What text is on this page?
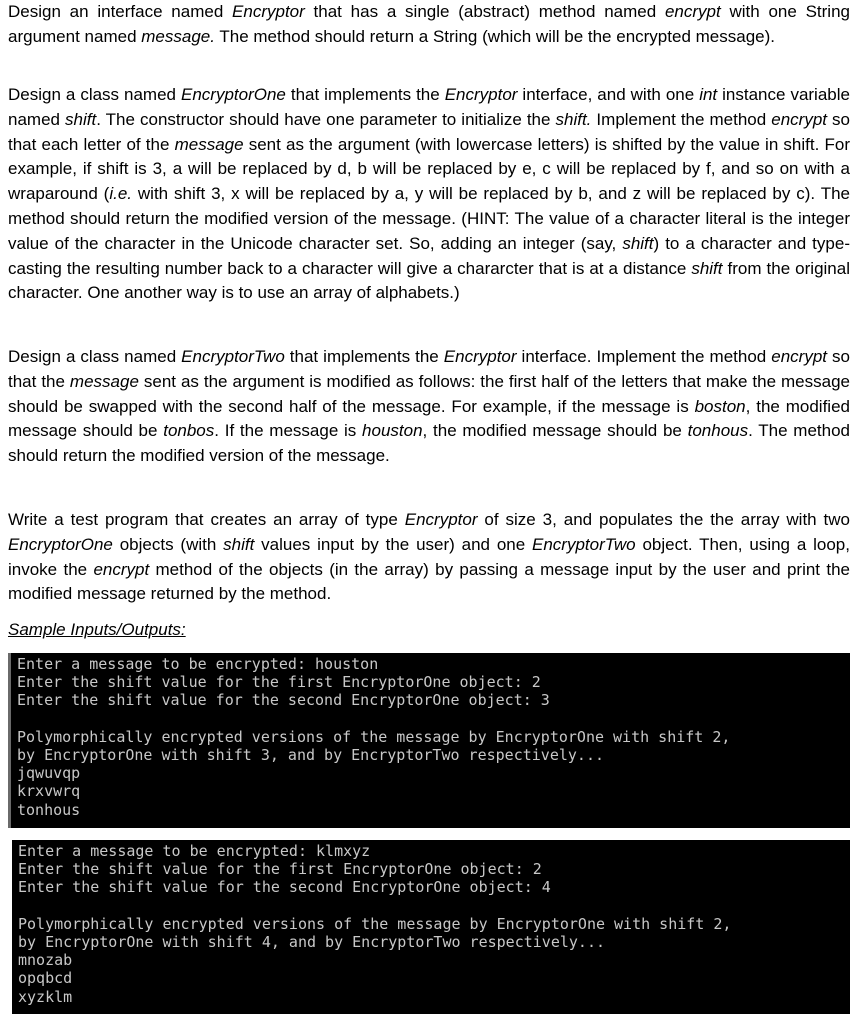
Design an interface named Encryptor that has a single (abstract) method named encrypt with one String argument named message. The method should return a String (which will be the encrypted message).

Design a class named EncryptorOne that implements the Encryptor interface, and with one int instance variable named shift. The constructor should have one parameter to initialize the shift. Implement the method encrypt so that each letter of the message sent as the argument (with lowercase letters) is shifted by the value in shift. For example, if shift is 3, a will be replaced by d, b will be replaced by e, c will be replaced by f, and so on with a wraparound (i.e. with shift 3, x will be replaced by a, y will be replaced by b, and z will be replaced by c). The method should return the modified version of the message. (HINT: The value of a character literal is the integer value of the character in the Unicode character set. So, adding an integer (say, shift) to a character and type-casting the resulting number back to a character will give a chararcter that is at a distance shift from the original character. One another way is to use an array of alphabets.)

Design a class named EncryptorTwo that implements the Encryptor interface. Implement the method encrypt so that the message sent as the argument is modified as follows: the first half of the letters that make the message should be swapped with the second half of the message. For example, if the message is boston, the modified message should be tonbos. If the message is houston, the modified message should be tonhous. The method should return the modified version of the message.

Write a test program that creates an array of type Encryptor of size 3, and populates the the array with two EncryptorOne objects (with shift values input by the user) and one EncryptorTwo object. Then, using a loop, invoke the encrypt method of the objects (in the array) by passing a message input by the user and print the modified message returned by the method.

Sample Inputs/Outputs:

Enter a message to be encrypted: houston
Enter the shift value for the first EncryptorOne object: 2
Enter the shift value for the second EncryptorOne object: 3
Polymorphically encrypted versions of the message by EncryptorOne with shift 2,
by EncryptorOne with shift 3, and by EncryptorTwo respectively...
jqwuvqp
krxvwrq
tonhous
Enter a message to be encrypted: klmxyz
Enter the shift value for the first EncryptorOne object: 2
Enter the shift value for the second EncryptorOne object: 4
Polymorphically encrypted versions of the message by EncryptorOne with shift 2,
by EncryptorOne with shift 4, and by EncryptorTwo respectively...
mnozab
opqbcd
xyzklm
